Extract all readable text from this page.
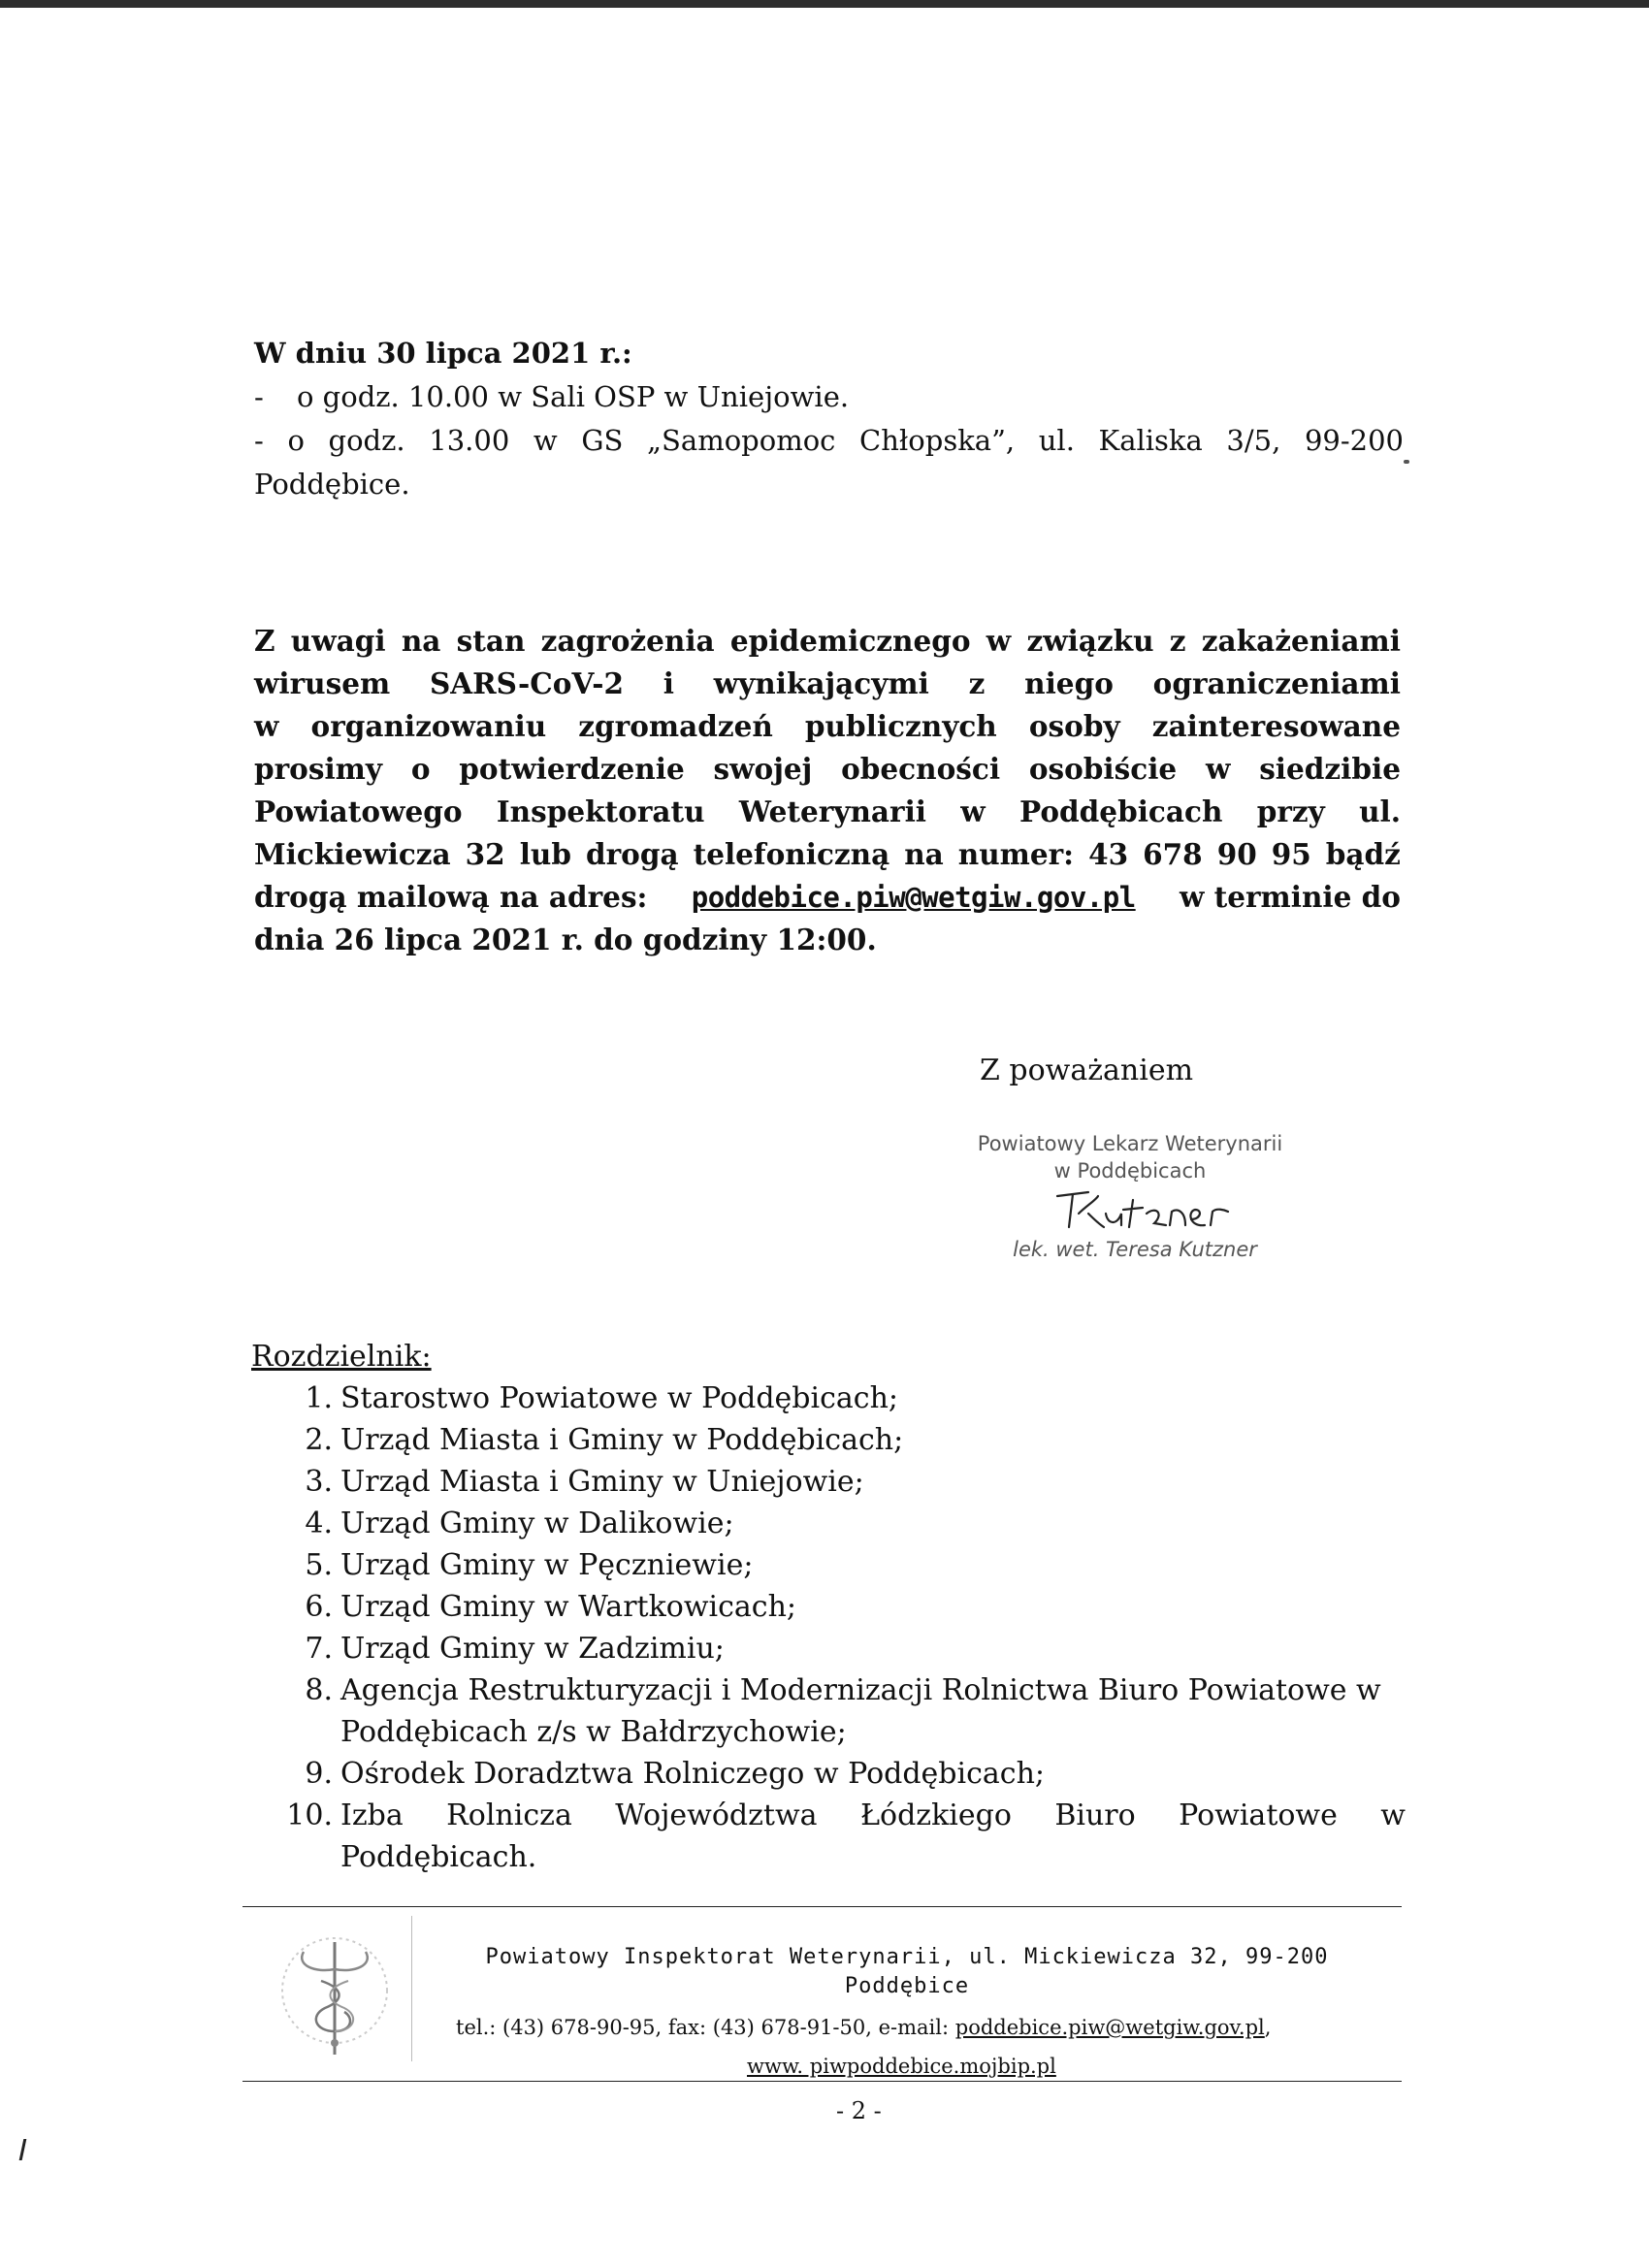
W dniu 30 lipca 2021 r.:
-	o godz. 10.00 w Sali OSP w Uniejowie.
- o godz. 13.00 w GS „Samopomoc Chłopska”, ul. Kaliska 3/5, 99-200
Poddębice.
Z uwagi na stan zagrożenia epidemicznego w związku z zakażeniami
wirusem SARS-CoV-2 i wynikającymi z niego ograniczeniami
w organizowaniu zgromadzeń publicznych osoby zainteresowane
prosimy o potwierdzenie swojej obecności osobiście w siedzibie
Powiatowego Inspektoratu Weterynarii w Poddębicach przy ul.
Mickiewicza 32 lub drogą telefoniczną na numer: 43 678 90 95 bądź
drogą mailową na adres: poddebice.piw@wetgiw.gov.pl w terminie do
dnia 26 lipca 2021 r. do godziny 12:00.
Z poważaniem
Powiatowy Lekarz Weterynarii
w Poddębicach
lek. wet. Teresa Kutzner
Rozdzielnik:
1. Starostwo Powiatowe w Poddębicach;
2. Urząd Miasta i Gminy w Poddębicach;
3. Urząd Miasta i Gminy w Uniejowie;
4. Urząd Gminy w Dalikowie;
5. Urząd Gminy w Pęczniewie;
6. Urząd Gminy w Wartkowicach;
7. Urząd Gminy w Zadzimiu;
8. Agencja Restrukturyzacji i Modernizacji Rolnictwa Biuro Powiatowe w
Poddębicach z/s w Bałdrzychowie;
9. Ośrodek Doradztwa Rolniczego w Poddębicach;
10. Izba Rolnicza Województwa Łódzkiego Biuro Powiatowe w
Poddębicach.
Powiatowy Inspektorat Weterynarii, ul. Mickiewicza 32, 99-200
Poddębice
tel.: (43) 678-90-95, fax: (43) 678-91-50, e-mail: poddebice.piw@wetgiw.gov.pl,
www. piwpoddebice.mojbip.pl
- 2 -
